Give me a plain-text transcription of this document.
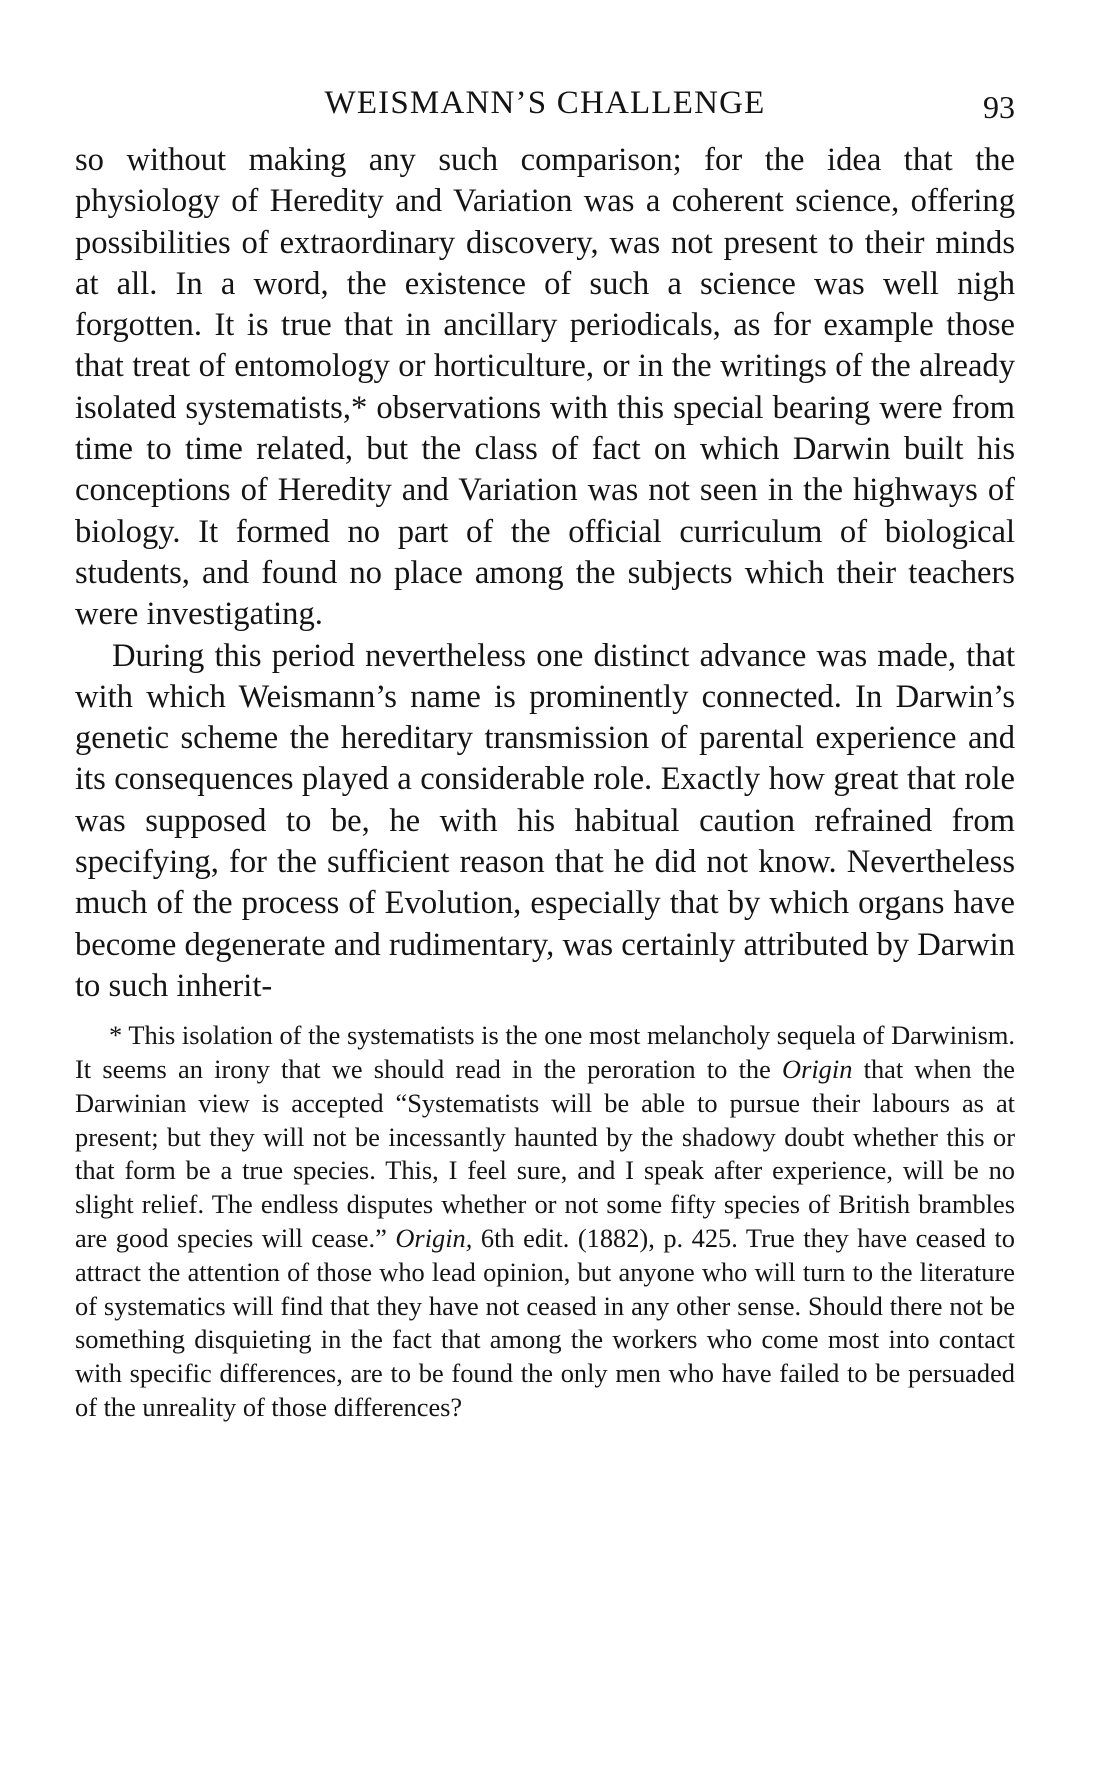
WEISMANN’S CHALLENGE	93

so without making any such comparison; for the idea that the physiology of Heredity and Variation was a coherent science, offering possibilities of extraordinary discovery, was not present to their minds at all. In a word, the existence of such a science was well nigh forgotten. It is true that in ancillary periodicals, as for example those that treat of entomology or horticulture, or in the writings of the already isolated systematists,* observations with this special bearing were from time to time related, but the class of fact on which Darwin built his conceptions of Heredity and Variation was not seen in the highways of biology. It formed no part of the official curriculum of biological students, and found no place among the subjects which their teachers were investigating.

During this period nevertheless one distinct advance was made, that with which Weismann’s name is prominently connected. In Darwin’s genetic scheme the hereditary transmission of parental experience and its consequences played a considerable role. Exactly how great that role was supposed to be, he with his habitual caution refrained from specifying, for the sufficient reason that he did not know. Nevertheless much of the process of Evolution, especially that by which organs have become degenerate and rudimentary, was certainly attributed by Darwin to such inherit-

* This isolation of the systematists is the one most melancholy sequela of Darwinism. It seems an irony that we should read in the peroration to the Origin that when the Darwinian view is accepted “Systematists will be able to pursue their labours as at present; but they will not be incessantly haunted by the shadowy doubt whether this or that form be a true species. This, I feel sure, and I speak after experience, will be no slight relief. The endless disputes whether or not some fifty species of British brambles are good species will cease.” Origin, 6th edit. (1882), p. 425. True they have ceased to attract the attention of those who lead opinion, but anyone who will turn to the literature of systematics will find that they have not ceased in any other sense. Should there not be something disquieting in the fact that among the workers who come most into contact with specific differences, are to be found the only men who have failed to be persuaded of the unreality of those differences?
